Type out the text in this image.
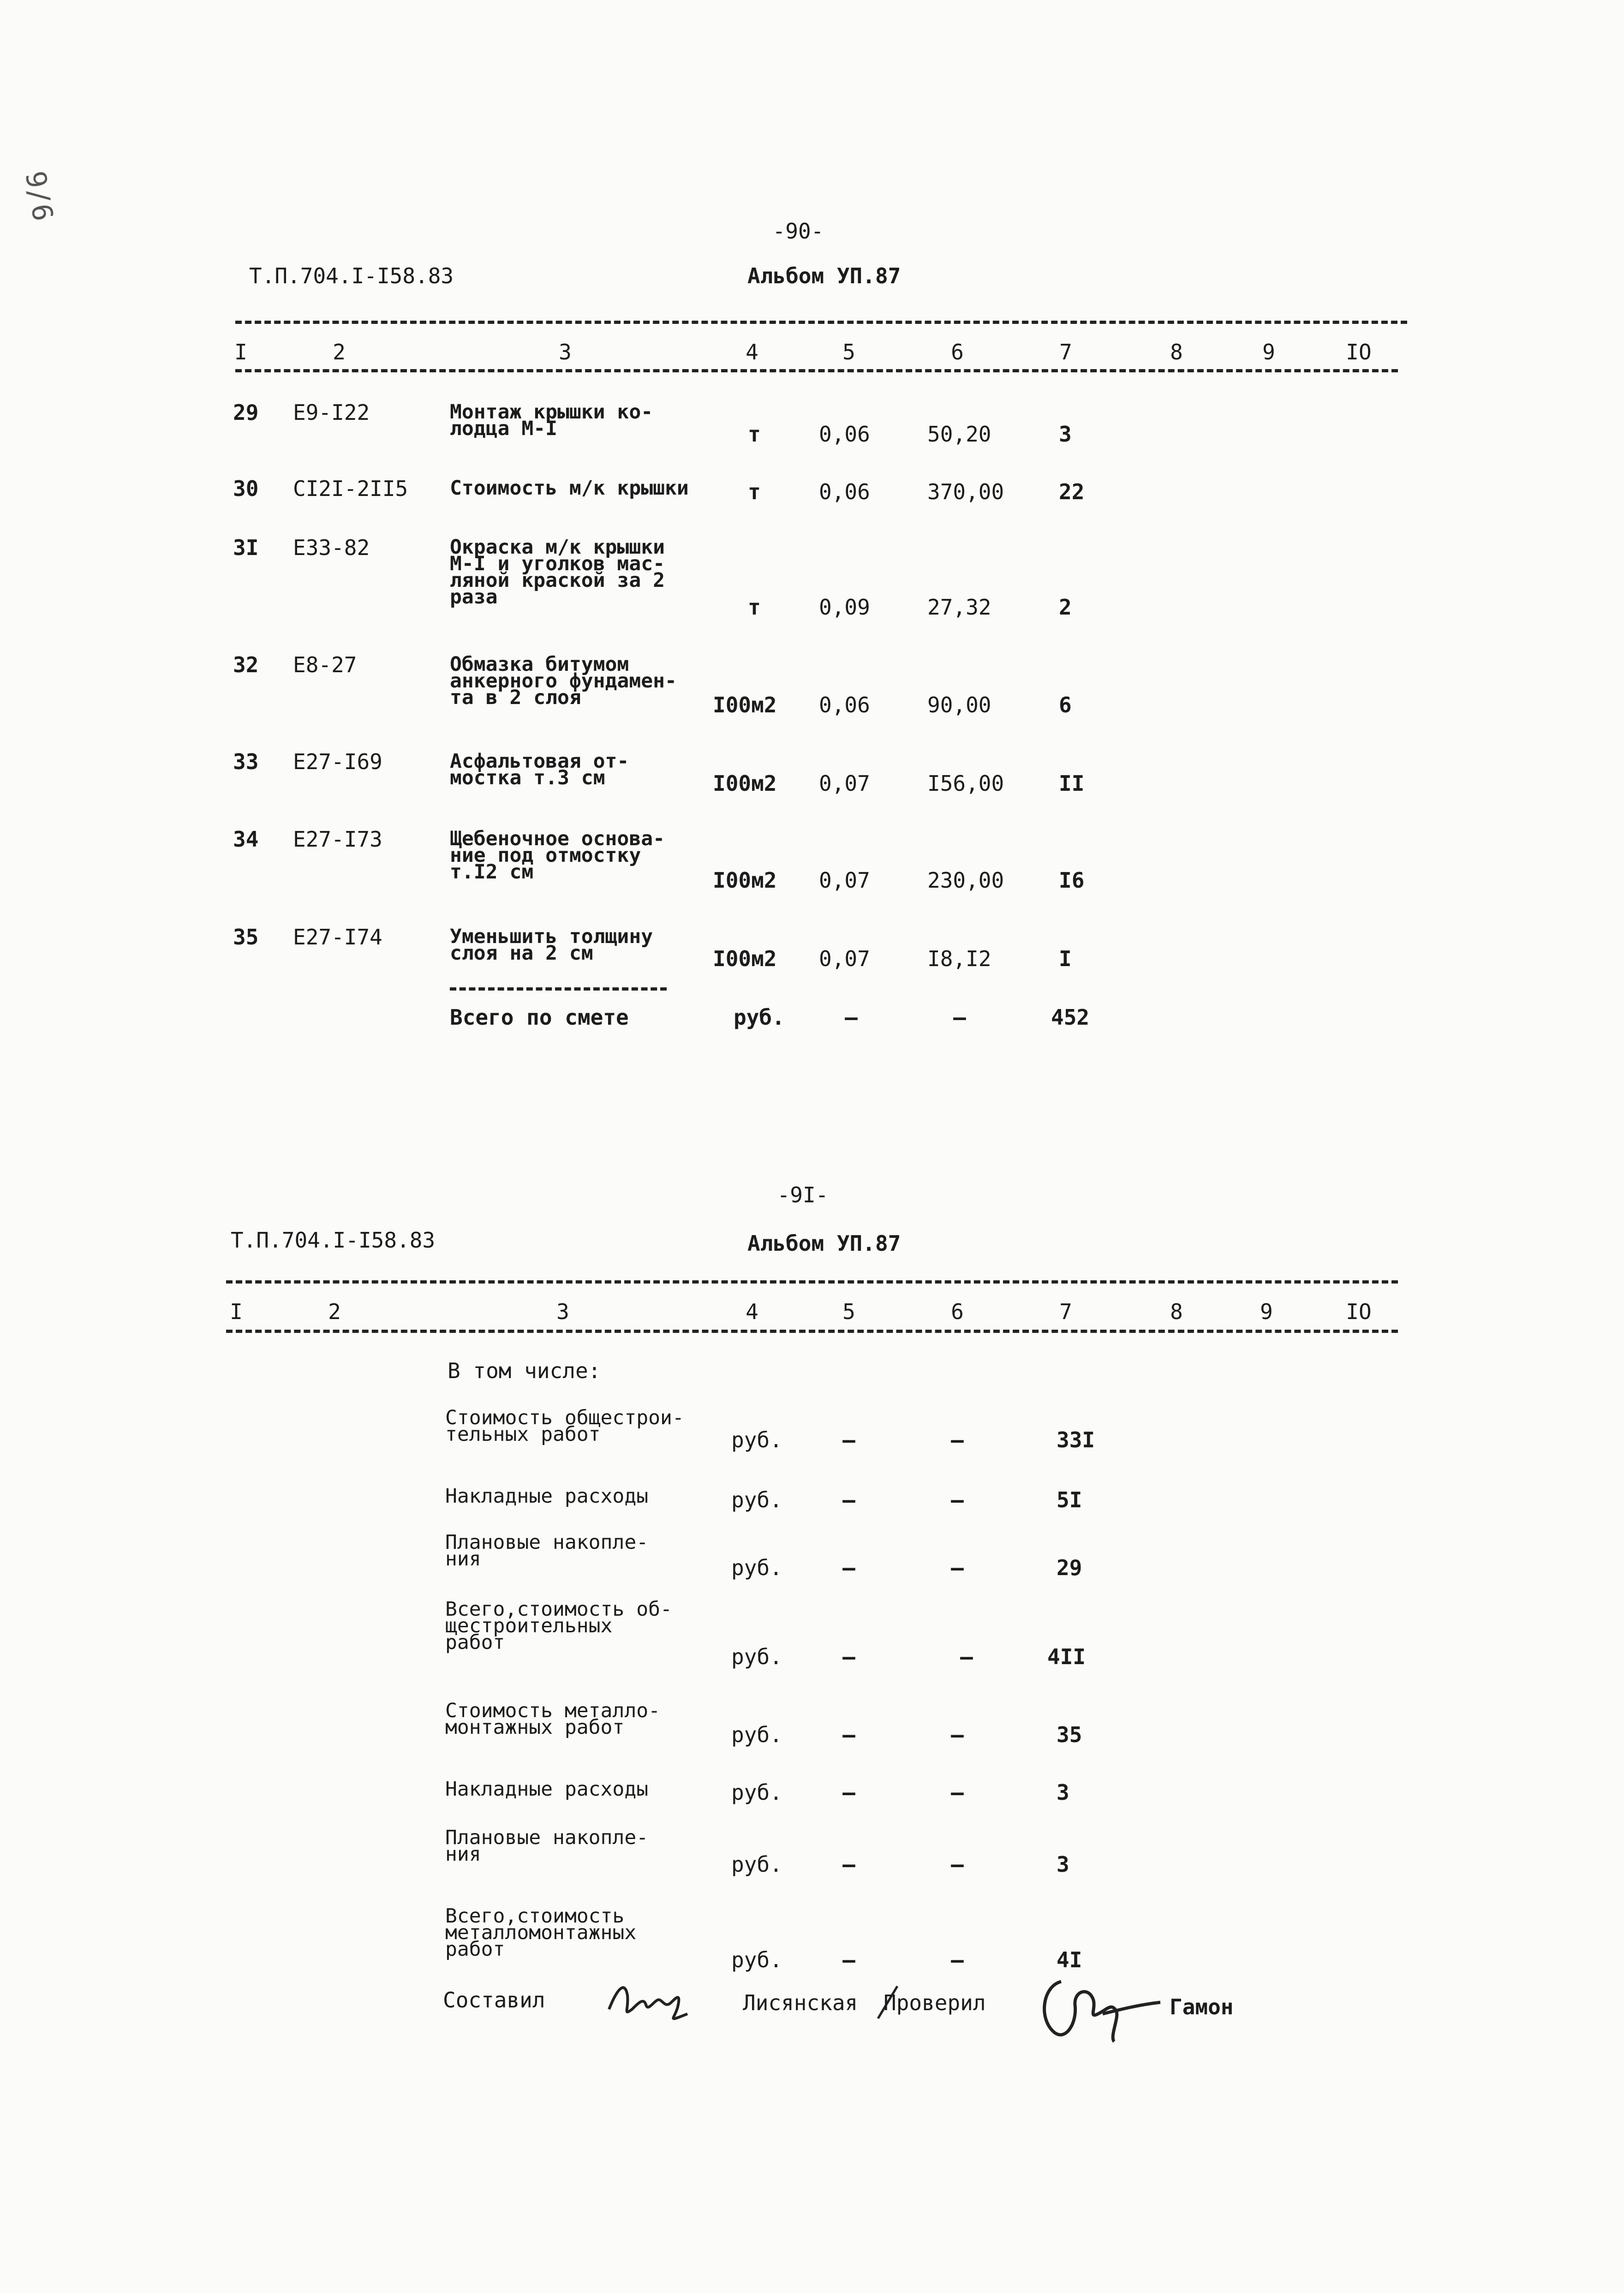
9/6
-90-
Т.П.704.I-I58.83	Альбом УП.87
I	2	3	4	5	6	7	8	9	IO
29 Е9-I22	Монтаж крышки ко-
лодца М-I	т	0,06	50,20	3
30 СI2I-2II5 Стоимость м/к крышки	т	0,06	370,00	22
3I Е33-82	Окраска м/к крышки
М-I и уголков мас-
ляной краской за 2
раза	т	0,09	27,32	2
32 Е8-27	Обмазка битумом
анкерного фундамен-
та в 2 слоя	I00м2 0,06	90,00	6
33 Е27-I69	Асфальтовая от-
мостка т.3 см	I00м2 0,07	I56,00	II
34 Е27-I73	Щебеночное основа-
ние под отмостку
т.I2 см	I00м2 0,07	230,00	I6
35 Е27-I74	Уменьшить толщину
слоя на 2 см	I00м2 0,07	I8,I2	I
Всего по смете	руб.	–	–	452
-9I-
Т.П.704.I-I58.83	Альбом УП.87
I	2	3	4	5	6	7	8	9	IO
В том числе:
Стоимость общестрои-
тельных работ	руб.	–	–	33I
Накладные расходы	руб.	–	–	5I
Плановые накопле-
ния	руб.	–	–	29
Всего,стоимость об-
щестроительных
работ
руб.	–	–	4II
Стоимость металло-
монтажных работ	руб.	–	–	35
Накладные расходы	руб.	–	–	3
Плановые накопле-
ния	руб.	–	–	3
Всего,стоимость
металломонтажных
работ	руб.	–	–	4I
Составил	Лисянская Проверил	Гамон
